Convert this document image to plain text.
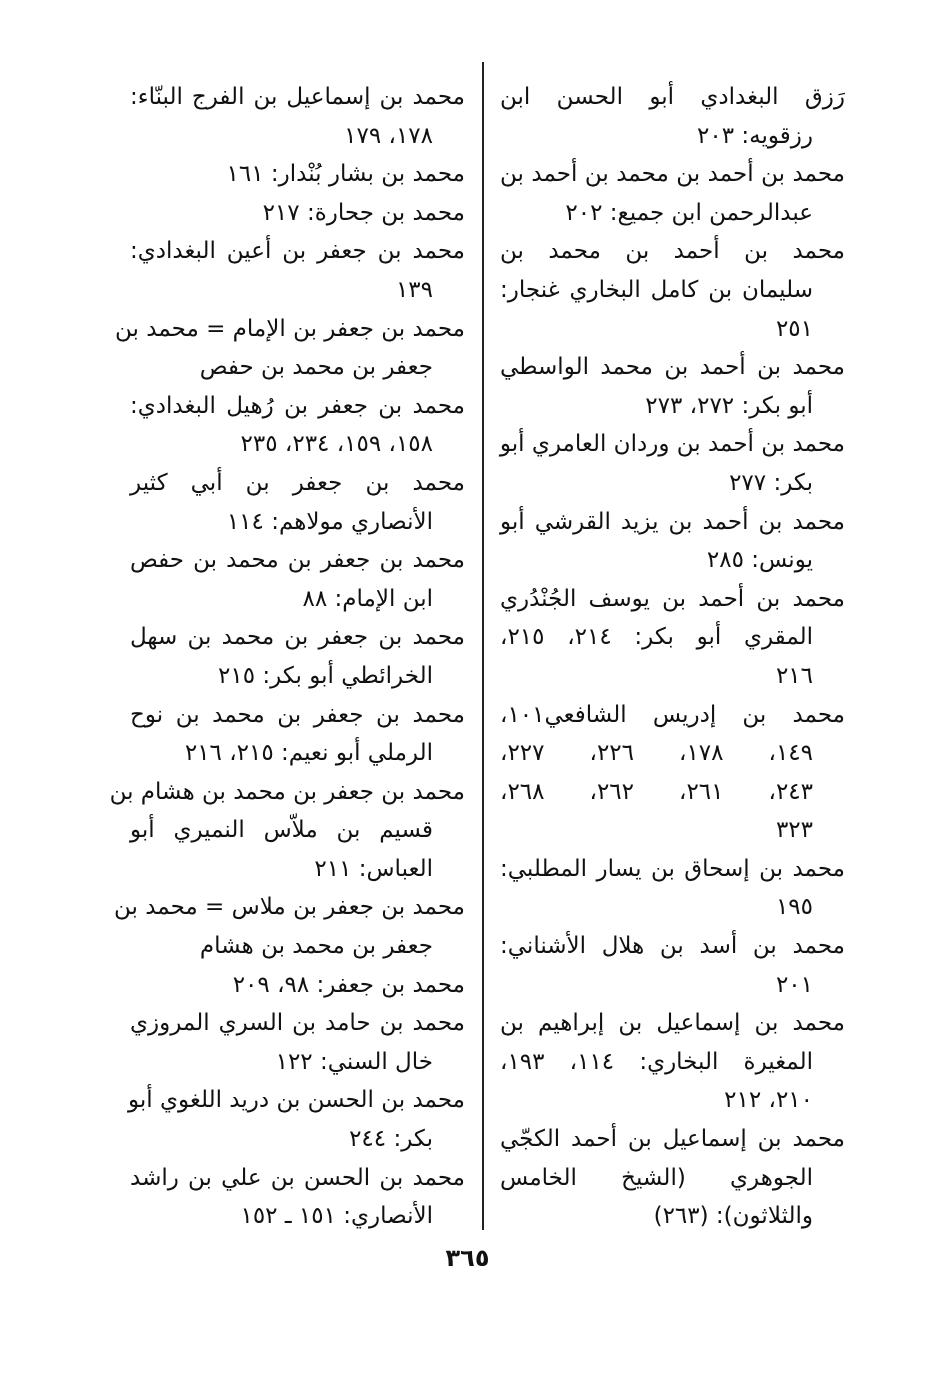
رَزق البغدادي أبو الحسن ابن
رزقويه: ٢٠٣
محمد بن أحمد بن محمد بن أحمد بن
عبدالرحمن ابن جميع: ٢٠٢
محمد بن أحمد بن محمد بن
سليمان بن كامل البخاري غنجار:
٢٥١
محمد بن أحمد بن محمد الواسطي
أبو بكر: ٢٧٢، ٢٧٣
محمد بن أحمد بن وردان العامري أبو
بكر: ٢٧٧
محمد بن أحمد بن يزيد القرشي أبو
يونس: ٢٨٥
محمد بن أحمد بن يوسف الجُنْدُري
المقري أبو بكر: ٢١٤، ٢١٥،
٢١٦
محمد بن إدريس الشافعي١٠١،
١٤٩، ١٧٨، ٢٢٦، ٢٢٧،
٢٤٣، ٢٦١، ٢٦٢، ٢٦٨،
٣٢٣
محمد بن إسحاق بن يسار المطلبي:
١٩٥
محمد بن أسد بن هلال الأشناني:
٢٠١
محمد بن إسماعيل بن إبراهيم بن
المغيرة البخاري: ١١٤، ١٩٣،
٢١٠، ٢١٢
محمد بن إسماعيل بن أحمد الكجّي
الجوهري (الشيخ الخامس
والثلاثون): (٢٦٣)
محمد بن إسماعيل بن الفرج البنّاء:
١٧٨، ١٧٩
محمد بن بشار بُنْدار: ١٦١
محمد بن جحارة: ٢١٧
محمد بن جعفر بن أعين البغدادي:
١٣٩
محمد بن جعفر بن الإمام = محمد بن
جعفر بن محمد بن حفص
محمد بن جعفر بن رُهيل البغدادي:
١٥٨، ١٥٩، ٢٣٤، ٢٣٥
محمد بن جعفر بن أبي كثير
الأنصاري مولاهم: ١١٤
محمد بن جعفر بن محمد بن حفص
ابن الإمام: ٨٨
محمد بن جعفر بن محمد بن سهل
الخرائطي أبو بكر: ٢١٥
محمد بن جعفر بن محمد بن نوح
الرملي أبو نعيم: ٢١٥، ٢١٦
محمد بن جعفر بن محمد بن هشام بن
قسيم بن ملاّس النميري أبو
العباس: ٢١١
محمد بن جعفر بن ملاس = محمد بن
جعفر بن محمد بن هشام
محمد بن جعفر: ٩٨، ٢٠٩
محمد بن حامد بن السري المروزي
خال السني: ١٢٢
محمد بن الحسن بن دريد اللغوي أبو
بكر: ٢٤٤
محمد بن الحسن بن علي بن راشد
الأنصاري: ١٥١ ـ ١٥٢
٣٦٥
